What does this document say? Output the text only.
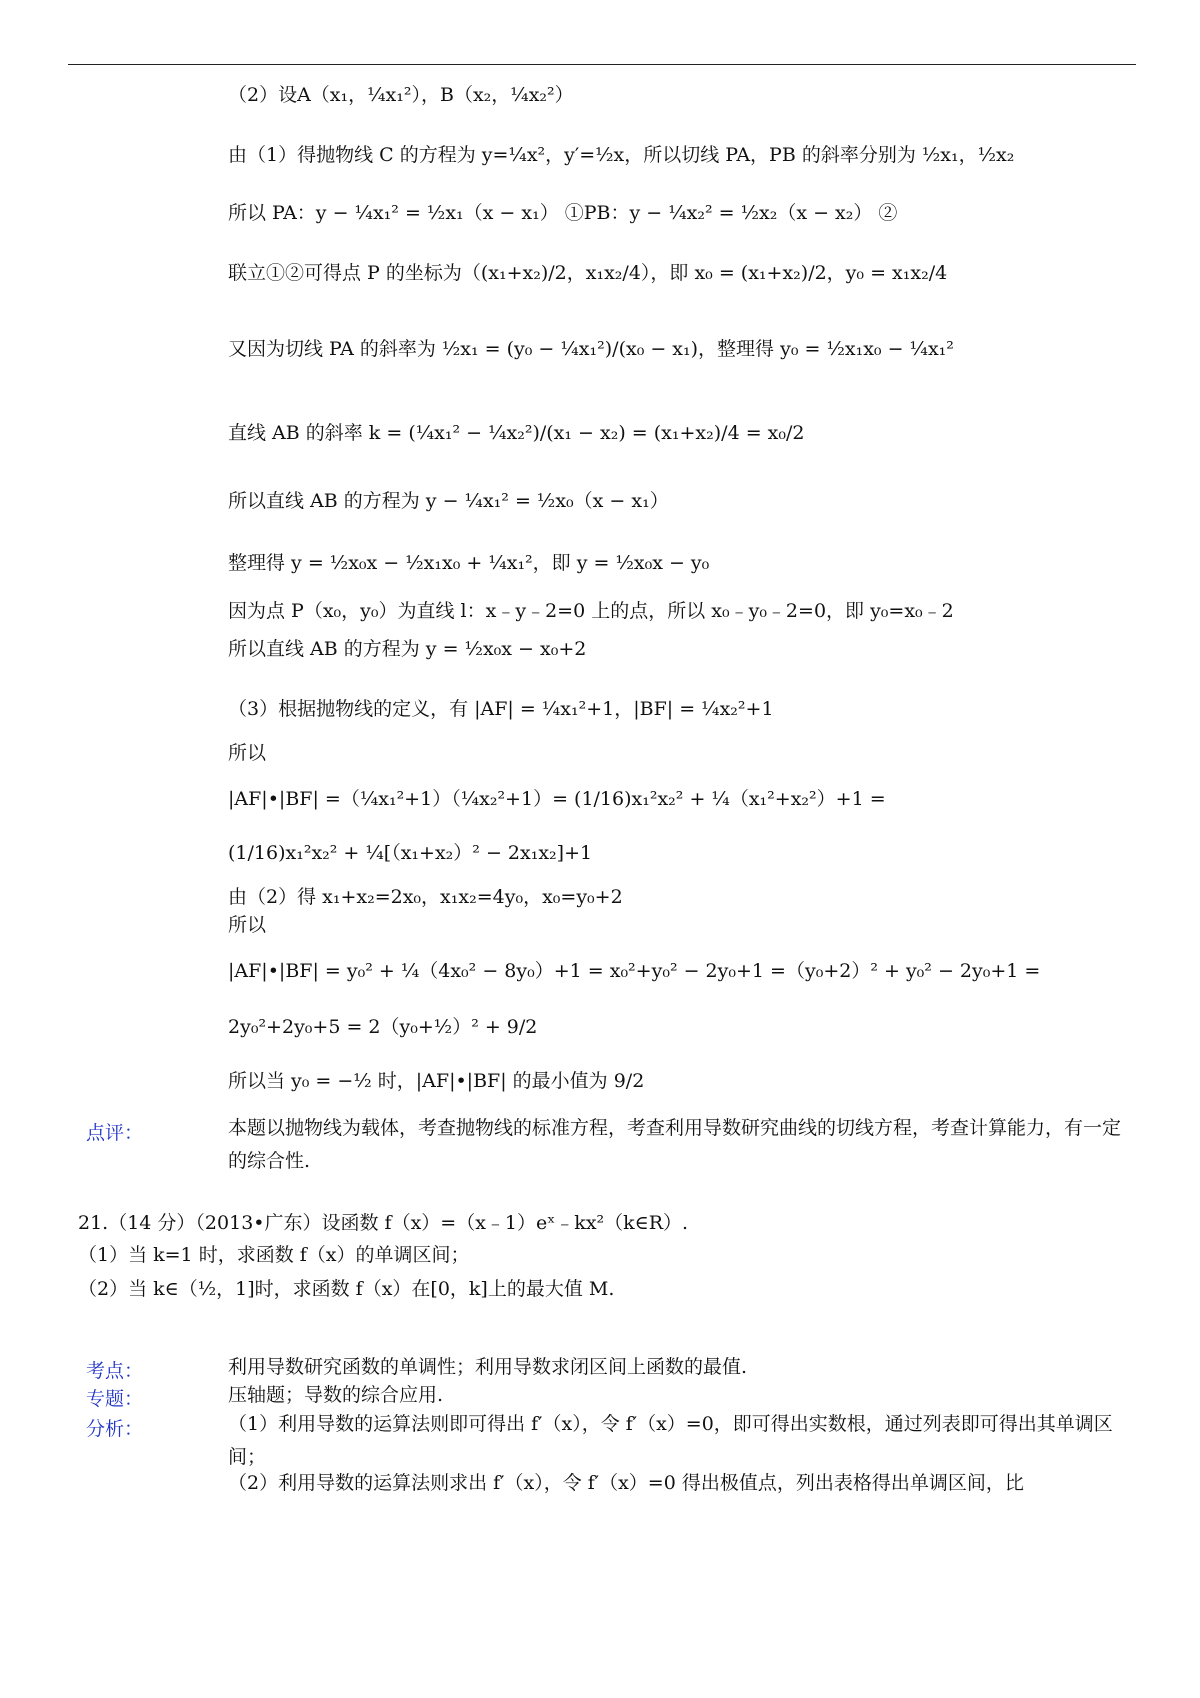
（2）设A（x₁，¼x₁²），B（x₂，¼x₂²）
由（1）得抛物线 C 的方程为 y=¼x²，y′=½x，所以切线 PA，PB 的斜率分别为 ½x₁，½x₂
所以 PA：y − ¼x₁² = ½x₁（x − x₁） ①PB：y − ¼x₂² = ½x₂（x − x₂） ②
联立①②可得点 P 的坐标为（(x₁+x₂)/2，x₁x₂/4），即 x₀ = (x₁+x₂)/2，y₀ = x₁x₂/4
又因为切线 PA 的斜率为 ½x₁ = (y₀ − ¼x₁²)/(x₀ − x₁)，整理得 y₀ = ½x₁x₀ − ¼x₁²
直线 AB 的斜率 k = (¼x₁² − ¼x₂²)/(x₁ − x₂) = (x₁+x₂)/4 = x₀/2
所以直线 AB 的方程为 y − ¼x₁² = ½x₀（x − x₁）
整理得 y = ½x₀x − ½x₁x₀ + ¼x₁²，即 y = ½x₀x − y₀
因为点 P（x₀，y₀）为直线 l：x﹣y﹣2=0 上的点，所以 x₀﹣y₀﹣2=0，即 y₀=x₀﹣2
所以直线 AB 的方程为 y = ½x₀x − x₀+2
（3）根据抛物线的定义，有 |AF| = ¼x₁²+1，|BF| = ¼x₂²+1
所以
|AF|•|BF| =（¼x₁²+1）（¼x₂²+1）= (1/16)x₁²x₂² + ¼（x₁²+x₂²）+1 =
(1/16)x₁²x₂² + ¼[（x₁+x₂）² − 2x₁x₂]+1
由（2）得 x₁+x₂=2x₀，x₁x₂=4y₀，x₀=y₀+2
所以
|AF|•|BF| = y₀² + ¼（4x₀² − 8y₀）+1 = x₀²+y₀² − 2y₀+1 =（y₀+2）² + y₀² − 2y₀+1 =
2y₀²+2y₀+5 = 2（y₀+½）² + 9/2
所以当 y₀ = −½ 时，|AF|•|BF| 的最小值为 9/2
点评：	本题以抛物线为载体，考查抛物线的标准方程，考查利用导数研究曲线的切线方程，考查计算能力，有一定的综合性.
21.（14 分）（2013•广东）设函数 f（x）=（x﹣1）eˣ﹣kx²（k∈R）.
（1）当 k=1 时，求函数 f（x）的单调区间；
（2）当 k∈（½，1]时，求函数 f（x）在[0，k]上的最大值 M.
考点：	利用导数研究函数的单调性；利用导数求闭区间上函数的最值.
专题：	压轴题；导数的综合应用.
分析：	（1）利用导数的运算法则即可得出 f′（x），令 f′（x）=0，即可得出实数根，通过列表即可得出其单调区间；
（2）利用导数的运算法则求出 f′（x），令 f′（x）=0 得出极值点，列出表格得出单调区间，比
